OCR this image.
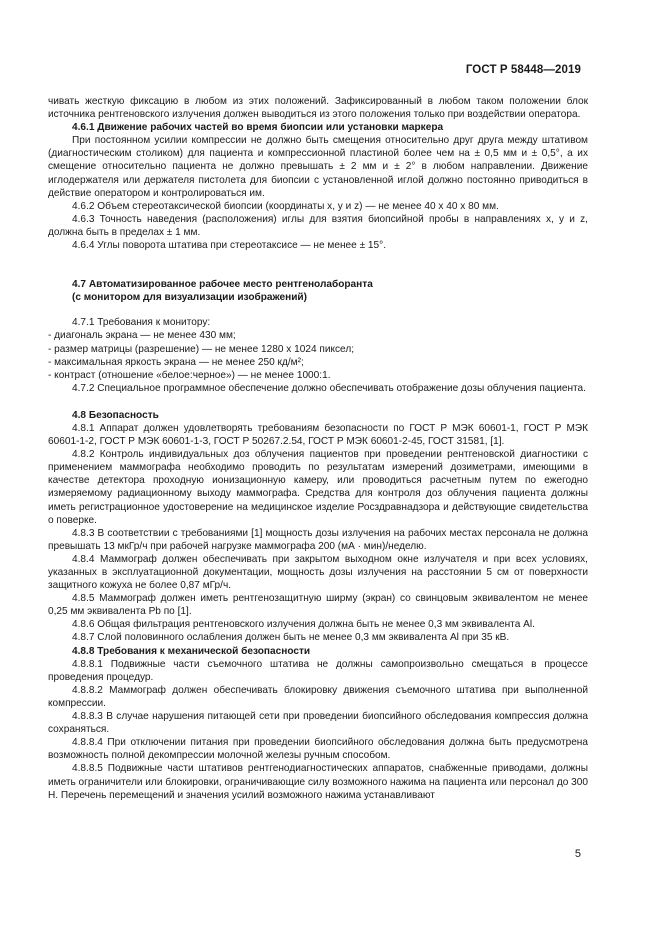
ГОСТ Р 58448—2019

чивать жесткую фиксацию в любом из этих положений. Зафиксированный в любом таком положении блок источника рентгеновского излучения должен выводиться из этого положения только при воздействии оператора.

4.6.1 Движение рабочих частей во время биопсии или установки маркера

При постоянном усилии компрессии не должно быть смещения относительно друг друга между штативом (диагностическим столиком) для пациента и компрессионной пластиной более чем на ± 0,5 мм и ± 0,5°, а их смещение относительно пациента не должно превышать ± 2 мм и ± 2° в любом направлении. Движение иглодержателя или держателя пистолета для биопсии с установленной иглой должно постоянно приводиться в действие оператором и контролироваться им.

4.6.2 Объем стереотаксической биопсии (координаты x, y и z) — не менее 40 х 40 х 80 мм.

4.6.3 Точность наведения (расположения) иглы для взятия биопсийной пробы в направлениях x, y и z, должна быть в пределах ± 1 мм.

4.6.4 Углы поворота штатива при стереотаксисе — не менее ± 15°.

4.7 Автоматизированное рабочее место рентгенолаборанта

(с монитором для визуализации изображений)

4.7.1 Требования к монитору:

- диагональ экрана — не менее 430 мм;

- размер матрицы (разрешение) — не менее 1280 х 1024 пиксел;

- максимальная яркость экрана — не менее 250 кд/м²;

- контраст (отношение «белое:черное») — не менее 1000:1.

4.7.2 Специальное программное обеспечение должно обеспечивать отображение дозы облучения пациента.

4.8 Безопасность

4.8.1 Аппарат должен удовлетворять требованиям безопасности по ГОСТ Р МЭК 60601-1, ГОСТ Р МЭК 60601-1-2, ГОСТ Р МЭК 60601-1-3, ГОСТ Р 50267.2.54, ГОСТ Р МЭК 60601-2-45, ГОСТ 31581, [1].

4.8.2 Контроль индивидуальных доз облучения пациентов при проведении рентгеновской диагностики с применением маммографа необходимо проводить по результатам измерений дозиметрами, имеющими в качестве детектора проходную ионизационную камеру, или проводиться расчетным путем по ежегодно измеряемому радиационному выходу маммографа. Средства для контроля доз облучения пациента должны иметь регистрационное удостоверение на медицинское изделие Росздравнадзора и действующие свидетельства о поверке.

4.8.3 В соответствии с требованиями [1] мощность дозы излучения на рабочих местах персонала не должна превышать 13 мкГр/ч при рабочей нагрузке маммографа 200 (мА · мин)/неделю.

4.8.4 Маммограф должен обеспечивать при закрытом выходном окне излучателя и при всех условиях, указанных в эксплуатационной документации, мощность дозы излучения на расстоянии 5 см от поверхности защитного кожуха не более 0,87 мГр/ч.

4.8.5 Маммограф должен иметь рентгенозащитную ширму (экран) со свинцовым эквивалентом не менее 0,25 мм эквивалента Pb по [1].

4.8.6 Общая фильтрация рентгеновского излучения должна быть не менее 0,3 мм эквивалента Al.

4.8.7 Слой половинного ослабления должен быть не менее 0,3 мм эквивалента Al при 35 кВ.

4.8.8 Требования к механической безопасности

4.8.8.1 Подвижные части съемочного штатива не должны самопроизвольно смещаться в процессе проведения процедур.

4.8.8.2 Маммограф должен обеспечивать блокировку движения съемочного штатива при выполненной компрессии.

4.8.8.3 В случае нарушения питающей сети при проведении биопсийного обследования компрессия должна сохраняться.

4.8.8.4 При отключении питания при проведении биопсийного обследования должна быть предусмотрена возможность полной декомпрессии молочной железы ручным способом.

4.8.8.5 Подвижные части штативов рентгенодиагностических аппаратов, снабженные приводами, должны иметь ограничители или блокировки, ограничивающие силу возможного нажима на пациента или персонал до 300 Н. Перечень перемещений и значения усилий возможного нажима устанавливают

5
